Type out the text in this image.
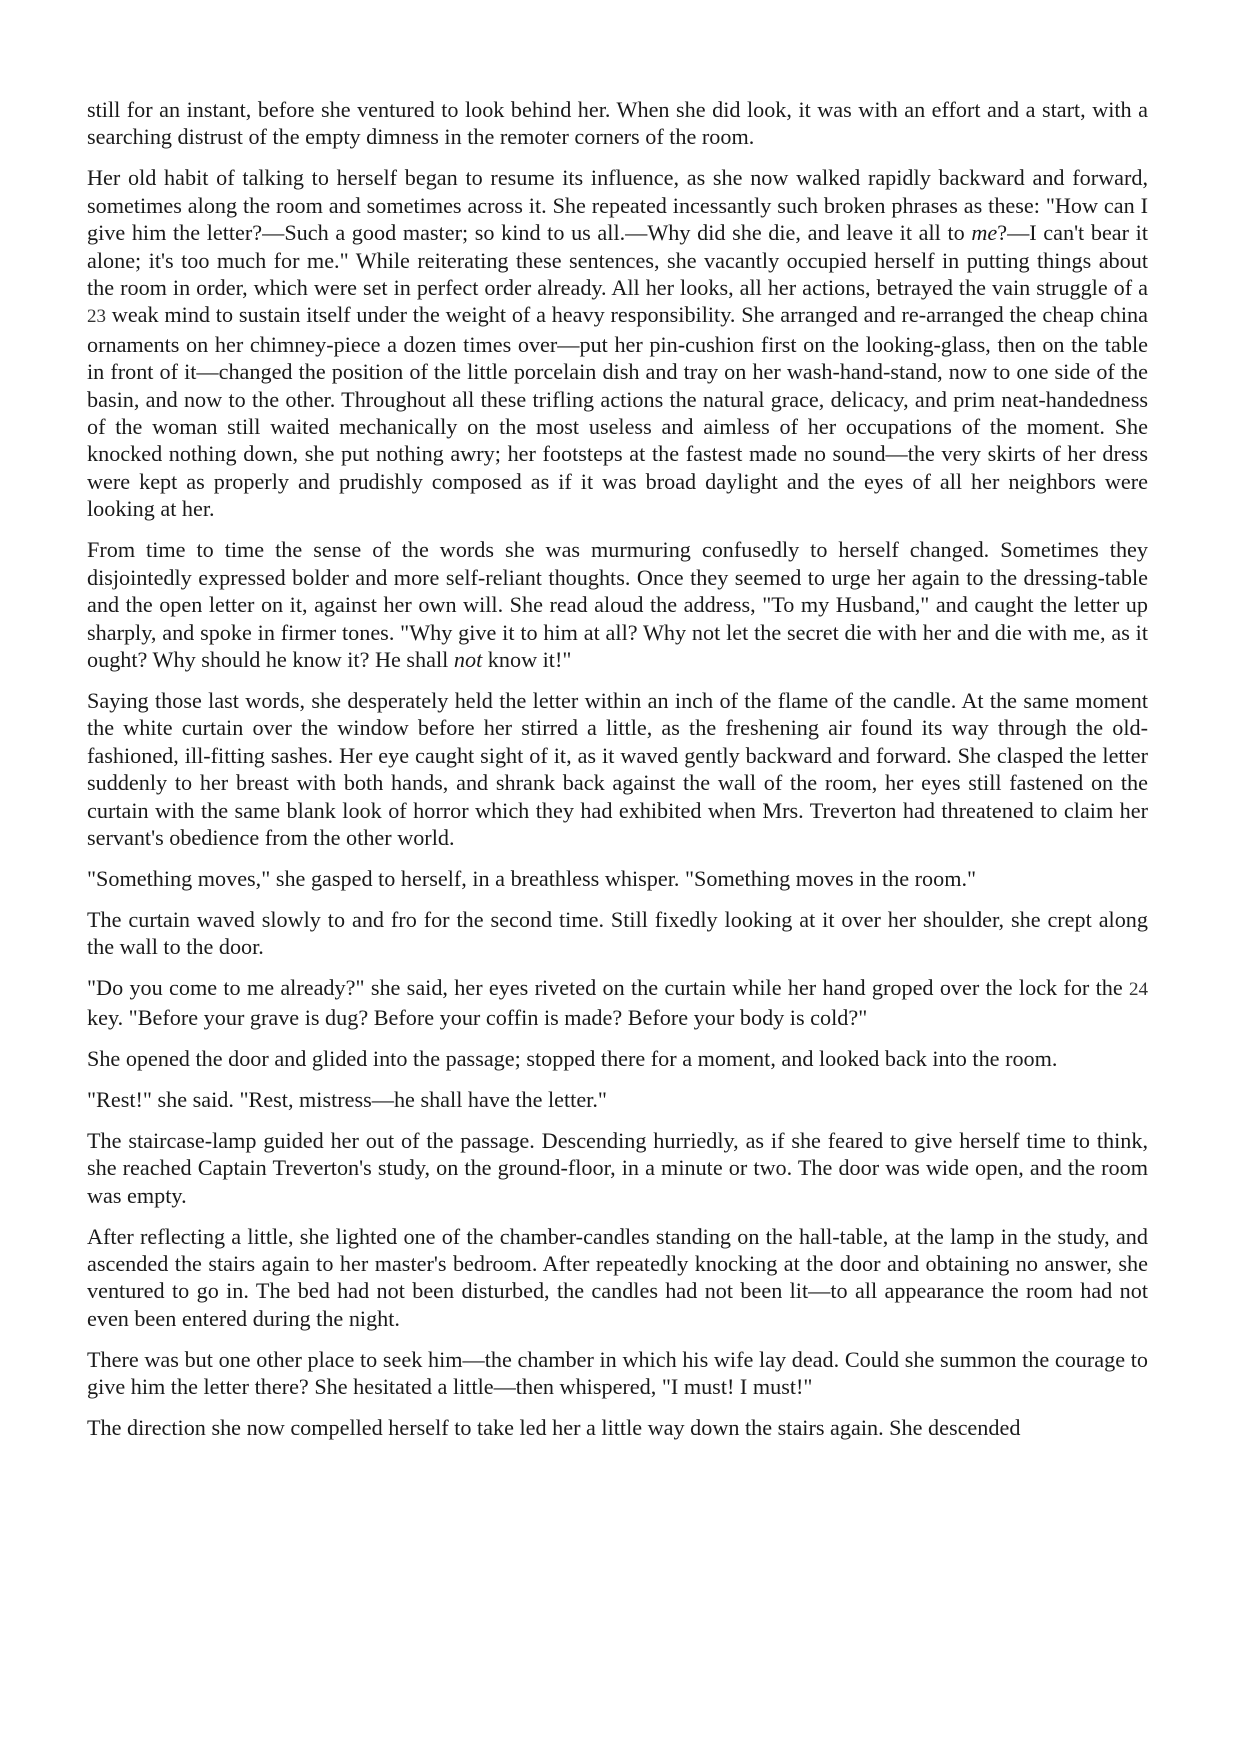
still for an instant, before she ventured to look behind her. When she did look, it was with an effort and a start, with a searching distrust of the empty dimness in the remoter corners of the room.

Her old habit of talking to herself began to resume its influence, as she now walked rapidly backward and forward, sometimes along the room and sometimes across it. She repeated incessantly such broken phrases as these: "How can I give him the letter?—Such a good master; so kind to us all.—Why did she die, and leave it all to me?—I can't bear it alone; it's too much for me." While reiterating these sentences, she vacantly occupied herself in putting things about the room in order, which were set in perfect order already. All her looks, all her actions, betrayed the vain struggle of a 23 weak mind to sustain itself under the weight of a heavy responsibility. She arranged and re-arranged the cheap china ornaments on her chimney-piece a dozen times over—put her pin-cushion first on the looking-glass, then on the table in front of it—changed the position of the little porcelain dish and tray on her wash-hand-stand, now to one side of the basin, and now to the other. Throughout all these trifling actions the natural grace, delicacy, and prim neat-handedness of the woman still waited mechanically on the most useless and aimless of her occupations of the moment. She knocked nothing down, she put nothing awry; her footsteps at the fastest made no sound—the very skirts of her dress were kept as properly and prudishly composed as if it was broad daylight and the eyes of all her neighbors were looking at her.

From time to time the sense of the words she was murmuring confusedly to herself changed. Sometimes they disjointedly expressed bolder and more self-reliant thoughts. Once they seemed to urge her again to the dressing-table and the open letter on it, against her own will. She read aloud the address, "To my Husband," and caught the letter up sharply, and spoke in firmer tones. "Why give it to him at all? Why not let the secret die with her and die with me, as it ought? Why should he know it? He shall not know it!"

Saying those last words, she desperately held the letter within an inch of the flame of the candle. At the same moment the white curtain over the window before her stirred a little, as the freshening air found its way through the old-fashioned, ill-fitting sashes. Her eye caught sight of it, as it waved gently backward and forward. She clasped the letter suddenly to her breast with both hands, and shrank back against the wall of the room, her eyes still fastened on the curtain with the same blank look of horror which they had exhibited when Mrs. Treverton had threatened to claim her servant's obedience from the other world.

"Something moves," she gasped to herself, in a breathless whisper. "Something moves in the room."

The curtain waved slowly to and fro for the second time. Still fixedly looking at it over her shoulder, she crept along the wall to the door.

"Do you come to me already?" she said, her eyes riveted on the curtain while her hand groped over the lock for the 24 key. "Before your grave is dug? Before your coffin is made? Before your body is cold?"

She opened the door and glided into the passage; stopped there for a moment, and looked back into the room.

"Rest!" she said. "Rest, mistress—he shall have the letter."

The staircase-lamp guided her out of the passage. Descending hurriedly, as if she feared to give herself time to think, she reached Captain Treverton's study, on the ground-floor, in a minute or two. The door was wide open, and the room was empty.

After reflecting a little, she lighted one of the chamber-candles standing on the hall-table, at the lamp in the study, and ascended the stairs again to her master's bedroom. After repeatedly knocking at the door and obtaining no answer, she ventured to go in. The bed had not been disturbed, the candles had not been lit—to all appearance the room had not even been entered during the night.

There was but one other place to seek him—the chamber in which his wife lay dead. Could she summon the courage to give him the letter there? She hesitated a little—then whispered, "I must! I must!"

The direction she now compelled herself to take led her a little way down the stairs again. She descended
